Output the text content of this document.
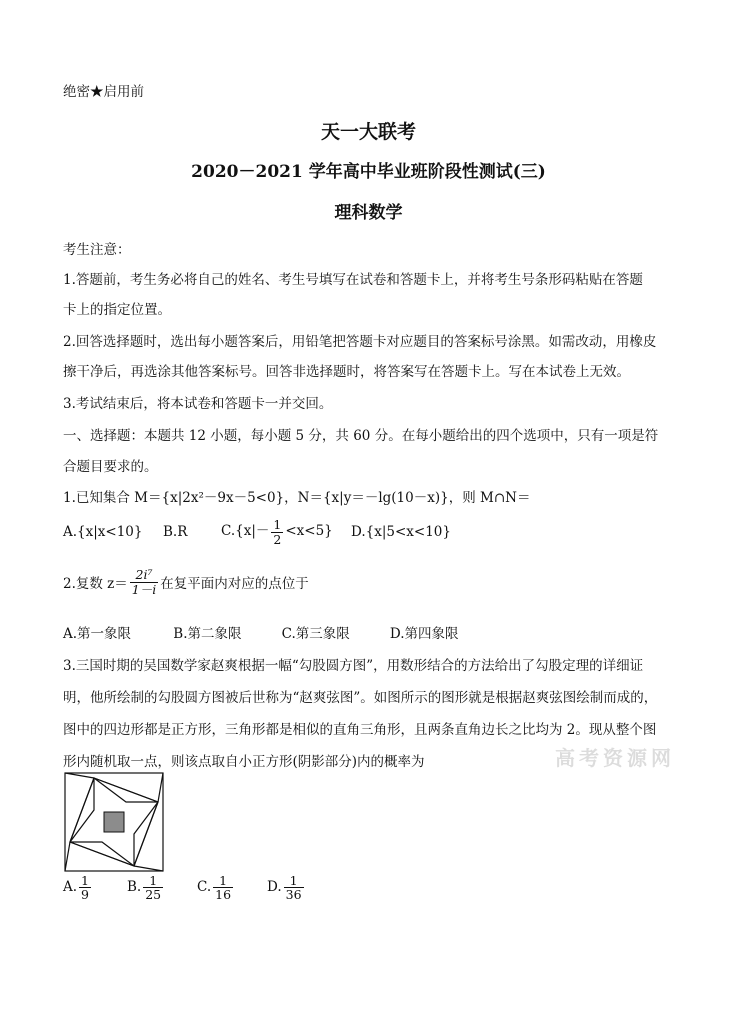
绝密★启用前
天一大联考
2020－2021 学年高中毕业班阶段性测试(三)
理科数学
考生注意：
1.答题前，考生务必将自己的姓名、考生号填写在试卷和答题卡上，并将考生号条形码粘贴在答题
卡上的指定位置。
2.回答选择题时，选出每小题答案后，用铅笔把答题卡对应题目的答案标号涂黑。如需改动，用橡皮
擦干净后，再选涂其他答案标号。回答非选择题时，将答案写在答题卡上。写在本试卷上无效。
3.考试结束后，将本试卷和答题卡一并交回。
一、选择题：本题共 12 小题，每小题 5 分，共 60 分。在每小题给出的四个选项中，只有一项是符
合题目要求的。
1.已知集合 M＝{x|2x²－9x－5<0}，N＝{x|y＝－lg(10－x)}，则 M∩N＝
A.{x|x<10}	B.R	$C.\{x|- \frac{1}{2} <x<5\}$	D.{x|5<x<10}
2.复数 $z= \frac{\text{2i⁷}}{1-i}$ 在复平面内对应的点位于
A.第一象限	B.第二象限	C.第三象限	D.第四象限
3.三国时期的吴国数学家赵爽根据一幅“勾股圆方图”，用数形结合的方法给出了勾股定理的详细证
明，他所绘制的勾股圆方图被后世称为“赵爽弦图”。如图所示的图形就是根据赵爽弦图绘制而成的，
图中的四边形都是正方形，三角形都是相似的直角三角形，且两条直角边长之比均为 2。现从整个图
形内随机取一点，则该点取自小正方形(阴影部分)内的概率为	高考资源网
A. $\frac{1}{9}$	B. $\frac{1}{25}$	C. $\frac{1}{16}$	D. $\frac{1}{36}$
